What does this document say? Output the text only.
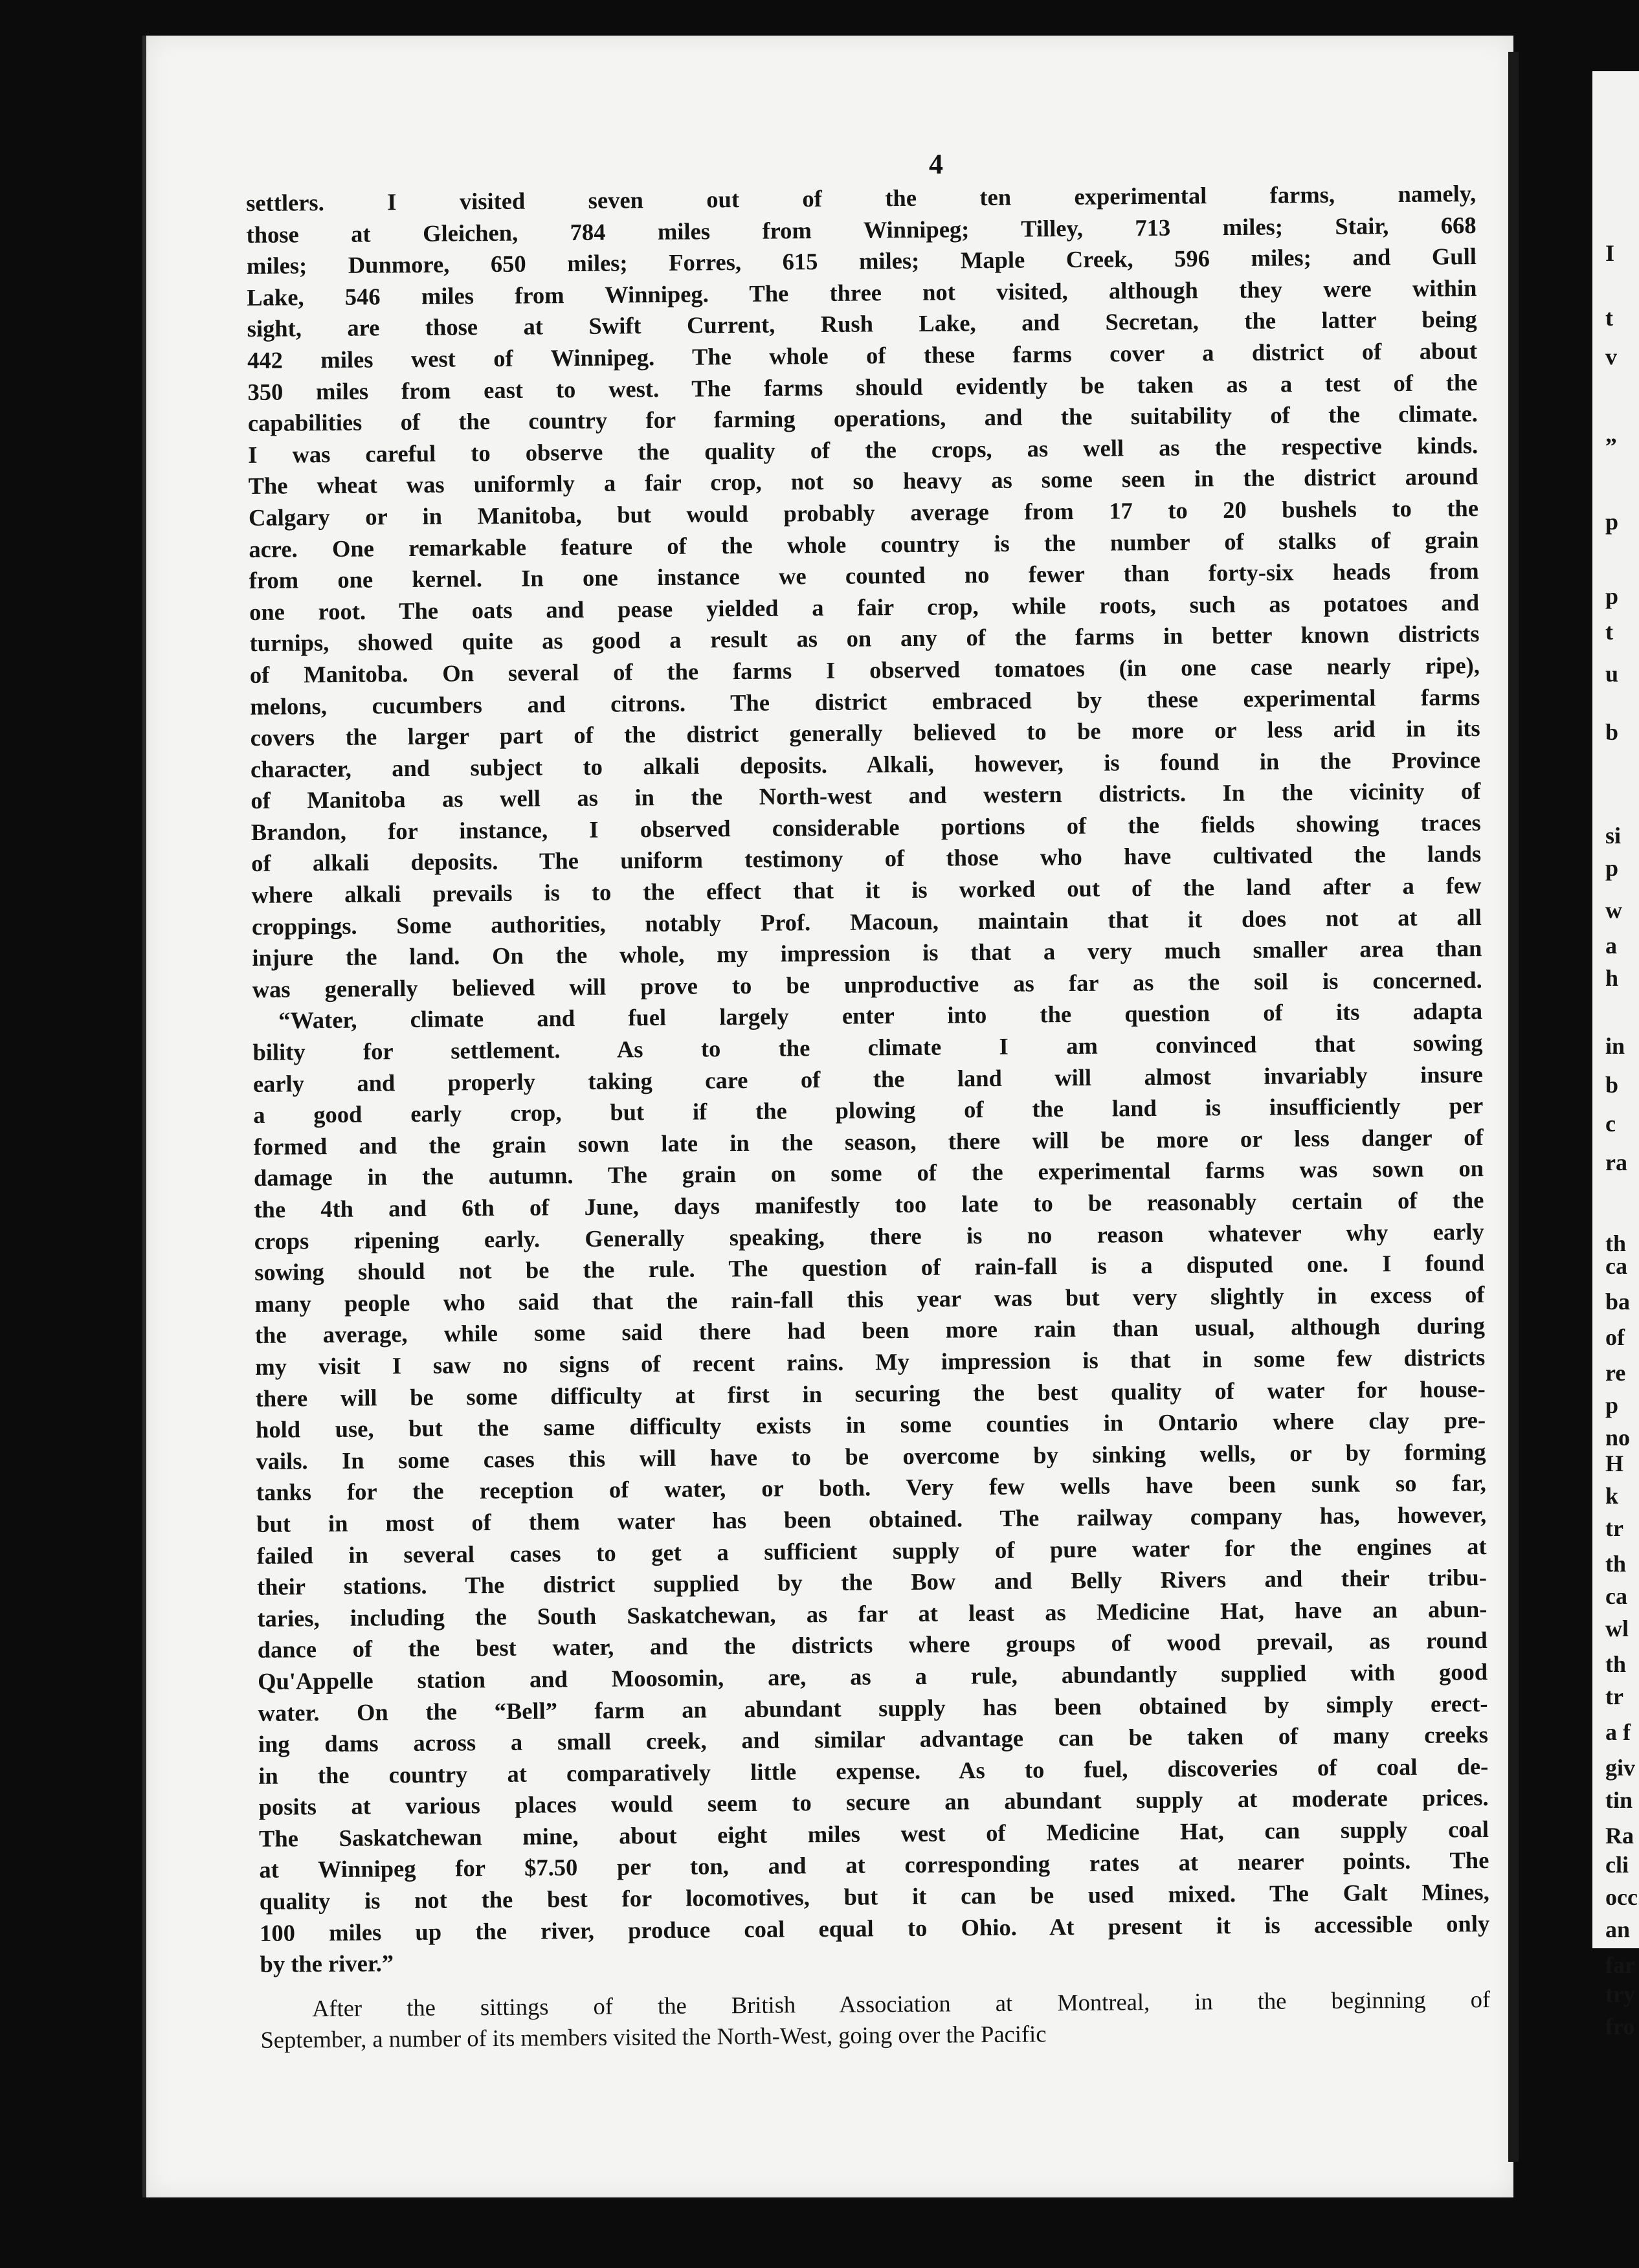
4
settlers. I visited seven out of the ten experimental farms, namely,
those at Gleichen, 784 miles from Winnipeg; Tilley, 713 miles; Stair, 668
miles; Dunmore, 650 miles; Forres, 615 miles; Maple Creek, 596 miles; and Gull
Lake, 546 miles from Winnipeg. The three not visited, although they were within
sight, are those at Swift Current, Rush Lake, and Secretan, the latter being
442 miles west of Winnipeg. The whole of these farms cover a district of about
350 miles from east to west. The farms should evidently be taken as a test of the
capabilities of the country for farming operations, and the suitability of the climate.
I was careful to observe the quality of the crops, as well as the respective kinds.
The wheat was uniformly a fair crop, not so heavy as some seen in the district around
Calgary or in Manitoba, but would probably average from 17 to 20 bushels to the
acre. One remarkable feature of the whole country is the number of stalks of grain
from one kernel. In one instance we counted no fewer than forty-six heads from
one root. The oats and pease yielded a fair crop, while roots, such as potatoes and
turnips, showed quite as good a result as on any of the farms in better known districts
of Manitoba. On several of the farms I observed tomatoes (in one case nearly ripe),
melons, cucumbers and citrons. The district embraced by these experimental farms
covers the larger part of the district generally believed to be more or less arid in its
character, and subject to alkali deposits. Alkali, however, is found in the Province
of Manitoba as well as in the North-west and western districts. In the vicinity of
Brandon, for instance, I observed considerable portions of the fields showing traces
of alkali deposits. The uniform testimony of those who have cultivated the lands
where alkali prevails is to the effect that it is worked out of the land after a few
croppings. Some authorities, notably Prof. Macoun, maintain that it does not at all
injure the land. On the whole, my impression is that a very much smaller area than
was generally believed will prove to be unproductive as far as the soil is concerned.
“Water, climate and fuel largely enter into the question of its adapta
bility for settlement. As to the climate I am convinced that sowing
early and properly taking care of the land will almost invariably insure
a good early crop, but if the plowing of the land is insufficiently per
formed and the grain sown late in the season, there will be more or less danger of
damage in the autumn. The grain on some of the experimental farms was sown on
the 4th and 6th of June, days manifestly too late to be reasonably certain of the
crops ripening early. Generally speaking, there is no reason whatever why early
sowing should not be the rule. The question of rain-fall is a disputed one. I found
many people who said that the rain-fall this year was but very slightly in excess of
the average, while some said there had been more rain than usual, although during
my visit I saw no signs of recent rains. My impression is that in some few districts
there will be some difficulty at first in securing the best quality of water for house-
hold use, but the same difficulty exists in some counties in Ontario where clay pre-
vails. In some cases this will have to be overcome by sinking wells, or by forming
tanks for the reception of water, or both. Very few wells have been sunk so far,
but in most of them water has been obtained. The railway company has, however,
failed in several cases to get a sufficient supply of pure water for the engines at
their stations. The district supplied by the Bow and Belly Rivers and their tribu-
taries, including the South Saskatchewan, as far at least as Medicine Hat, have an abun-
dance of the best water, and the districts where groups of wood prevail, as round
Qu'Appelle station and Moosomin, are, as a rule, abundantly supplied with good
water. On the “Bell” farm an abundant supply has been obtained by simply erect-
ing dams across a small creek, and similar advantage can be taken of many creeks
in the country at comparatively little expense. As to fuel, discoveries of coal de-
posits at various places would seem to secure an abundant supply at moderate prices.
The Saskatchewan mine, about eight miles west of Medicine Hat, can supply coal
at Winnipeg for $7.50 per ton, and at corresponding rates at nearer points. The
quality is not the best for locomotives, but it can be used mixed. The Galt Mines,
100 miles up the river, produce coal equal to Ohio. At present it is accessible only
by the river.”
After the sittings of the British Association at Montreal, in the beginning of
September, a number of its members visited the North-West, going over the Pacific
I
t
v
„
p
p
t
u
b
si
p
w
a
h
in
b
c
ra
th
ca
ba
of
re
p
no
H
k
tr
th
ca
wl
th
tr
a f
giv
tin
Ra
cli
occ
an
far
try
fro
